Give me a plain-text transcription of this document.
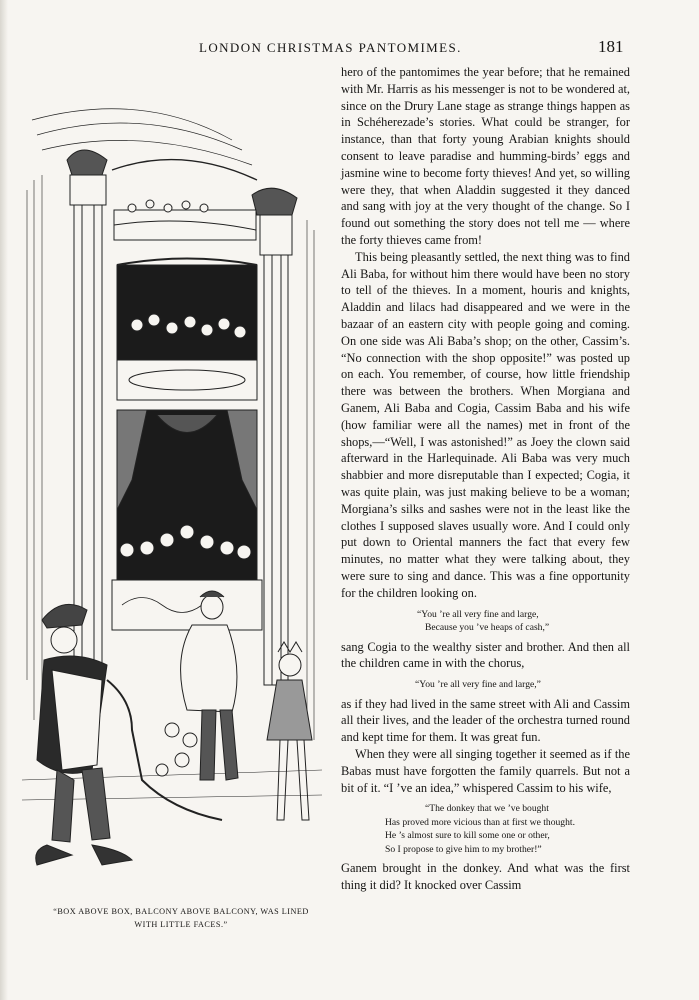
LONDON CHRISTMAS PANTOMIMES.	181
“BOX ABOVE BOX, BALCONY ABOVE BALCONY, WAS LINED
WITH LITTLE FACES.”

hero of the pantomimes the year before; that he remained with Mr. Harris as his messenger is not to be wondered at, since on the Drury Lane stage as strange things happen as in Schéherezade’s stories. What could be stranger, for instance, than that forty young Arabian knights should consent to leave paradise and humming-birds’ eggs and jasmine wine to become forty thieves! And yet, so willing were they, that when Aladdin suggested it they danced and sang with joy at the very thought of the change. So I found out something the story does not tell me — where the forty thieves came from!

This being pleasantly settled, the next thing was to find Ali Baba, for without him there would have been no story to tell of the thieves. In a moment, houris and knights, Aladdin and lilacs had disappeared and we were in the bazaar of an eastern city with people going and coming. On one side was Ali Baba’s shop; on the other, Cassim’s. “No connection with the shop opposite!” was posted up on each. You remember, of course, how little friendship there was between the brothers. When Morgiana and Ganem, Ali Baba and Cogia, Cassim Baba and his wife (how familiar were all the names) met in front of the shops,—“Well, I was astonished!” as Joey the clown said afterward in the Harlequinade. Ali Baba was very much shabbier and more disreputable than I expected; Cogia, it was quite plain, was just making believe to be a woman; Morgiana’s silks and sashes were not in the least like the clothes I supposed slaves usually wore. And I could only put down to Oriental manners the fact that every few minutes, no matter what they were talking about, they were sure to sing and dance. This was a fine opportunity for the children looking on.

“You ’re all very fine and large,
Because you ’ve heaps of cash,”

sang Cogia to the wealthy sister and brother. And then all the children came in with the chorus,

“You ’re all very fine and large,”

as if they had lived in the same street with Ali and Cassim all their lives, and the leader of the orchestra turned round and kept time for them. It was great fun.

When they were all singing together it seemed as if the Babas must have forgotten the family quarrels. But not a bit of it. “I ’ve an idea,” whispered Cassim to his wife,

“The donkey that we ’ve bought
Has proved more vicious than at first we thought.
He ’s almost sure to kill some one or other,
So I propose to give him to my brother!”

Ganem brought in the donkey. And what was the first thing it did? It knocked over Cassim
